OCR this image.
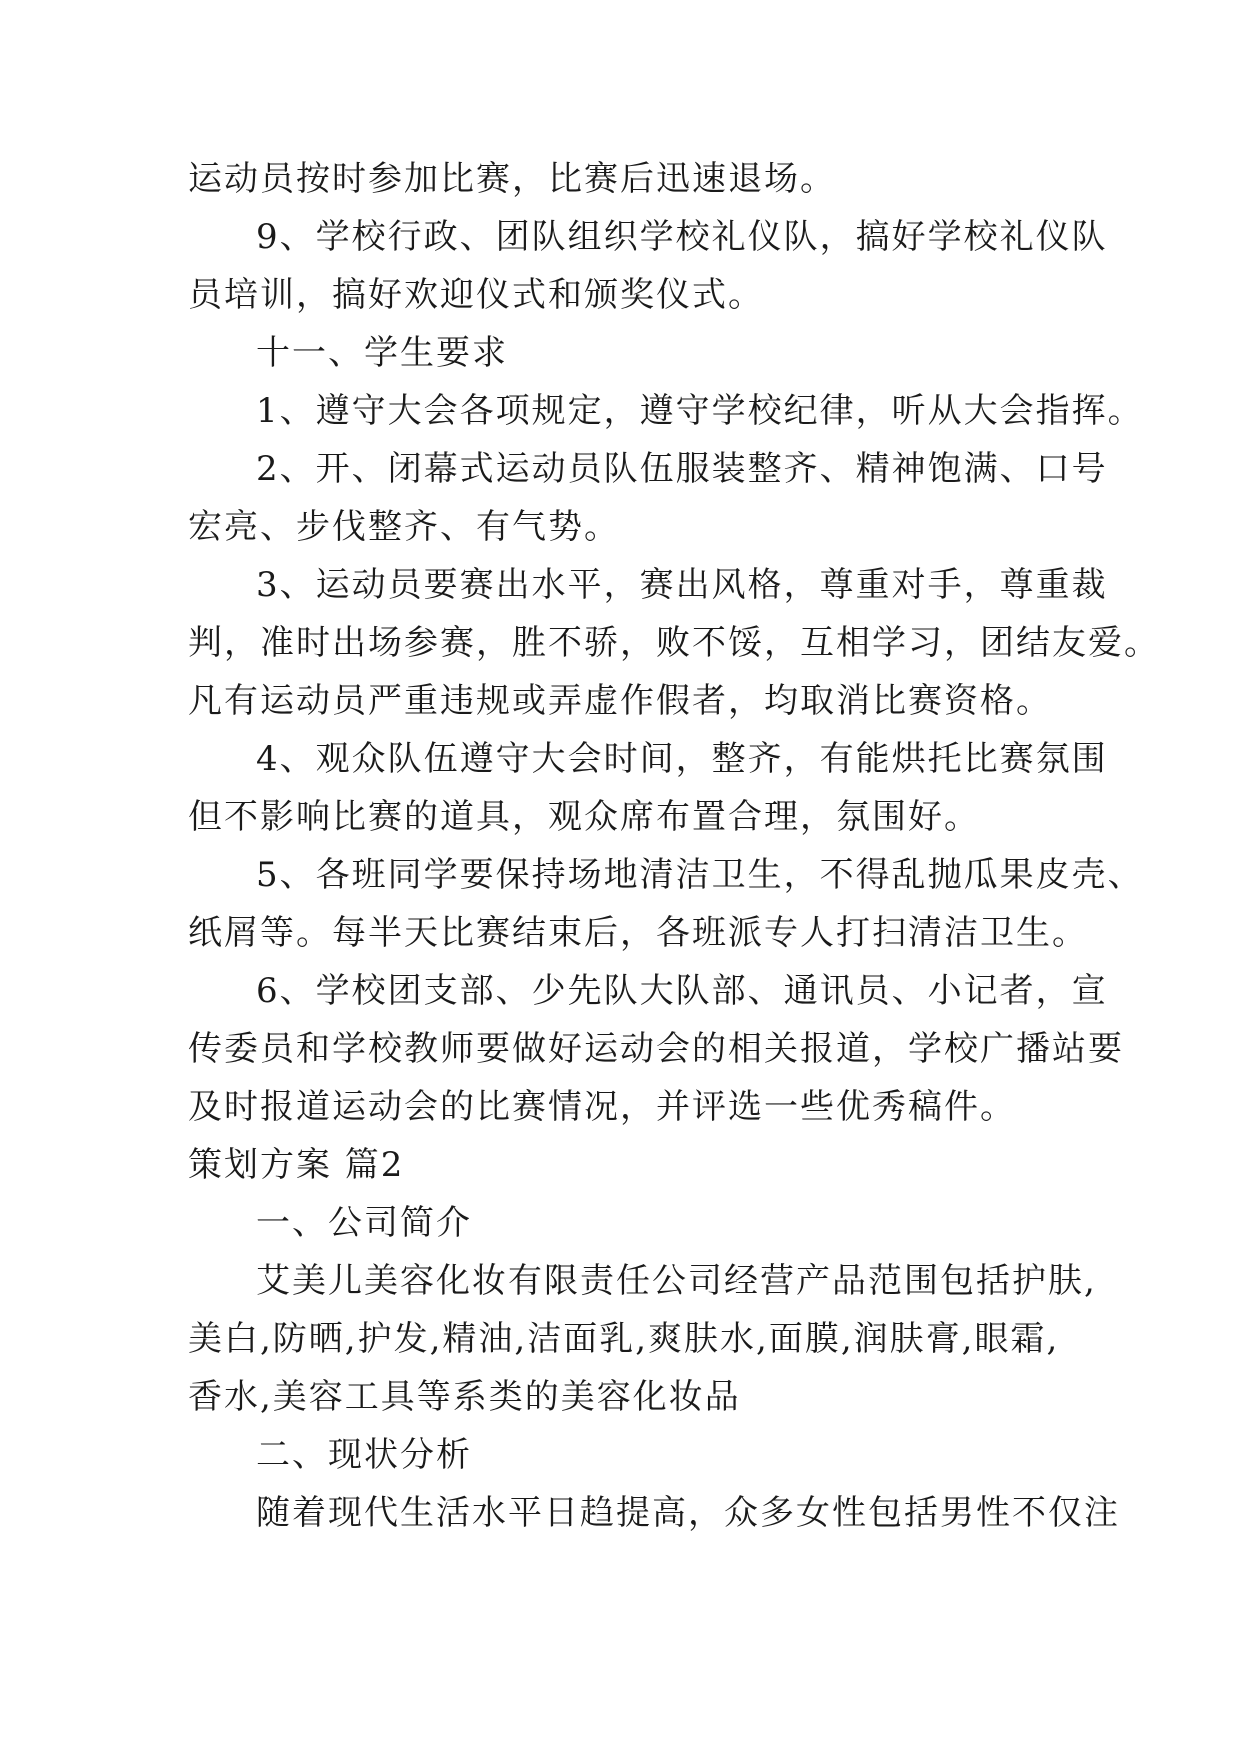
运动员按时参加比赛，比赛后迅速退场。
9、学校行政、团队组织学校礼仪队，搞好学校礼仪队
员培训，搞好欢迎仪式和颁奖仪式。
十一、学生要求
1、遵守大会各项规定，遵守学校纪律，听从大会指挥。
2、开、闭幕式运动员队伍服装整齐、精神饱满、口号
宏亮、步伐整齐、有气势。
3、运动员要赛出水平，赛出风格，尊重对手，尊重裁
判，准时出场参赛，胜不骄，败不馁，互相学习，团结友爱。
凡有运动员严重违规或弄虚作假者，均取消比赛资格。
4、观众队伍遵守大会时间，整齐，有能烘托比赛氛围
但不影响比赛的道具，观众席布置合理，氛围好。
5、各班同学要保持场地清洁卫生，不得乱抛瓜果皮壳、
纸屑等。每半天比赛结束后，各班派专人打扫清洁卫生。
6、学校团支部、少先队大队部、通讯员、小记者，宣
传委员和学校教师要做好运动会的相关报道，学校广播站要
及时报道运动会的比赛情况，并评选一些优秀稿件。
策划方案 篇2
一、公司简介
艾美儿美容化妆有限责任公司经营产品范围包括护肤,
美白,防晒,护发,精油,洁面乳,爽肤水,面膜,润肤膏,眼霜,
香水,美容工具等系类的美容化妆品
二、现状分析
随着现代生活水平日趋提高，众多女性包括男性不仅注
